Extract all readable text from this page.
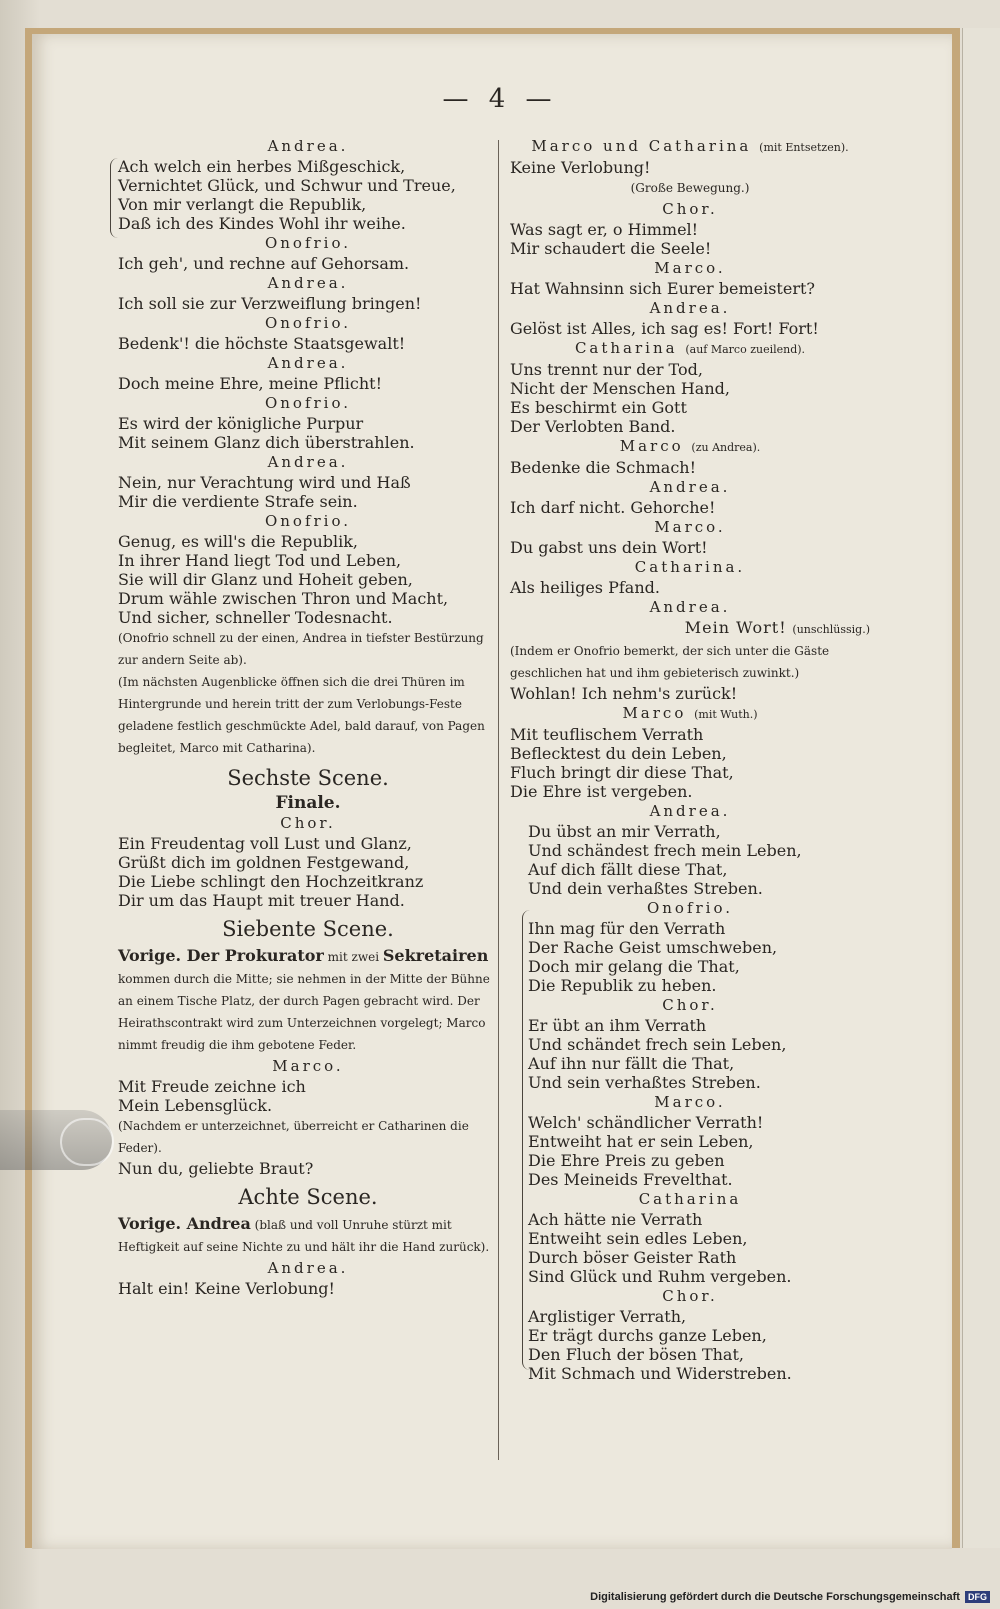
— 4 —
Andrea.
Ach welch ein herbes Mißgeschick,
Vernichtet Glück, und Schwur und Treue,
Von mir verlangt die Republik,
Daß ich des Kindes Wohl ihr weihe.
Onofrio.
Ich geh', und rechne auf Gehorsam.
Andrea.
Ich soll sie zur Verzweiflung bringen!
Onofrio.
Bedenk'! die höchste Staatsgewalt!
Andrea.
Doch meine Ehre, meine Pflicht!
Onofrio.
Es wird der königliche Purpur
Mit seinem Glanz dich überstrahlen.
Andrea.
Nein, nur Verachtung wird und Haß
Mir die verdiente Strafe sein.
Onofrio.
Genug, es will's die Republik,
In ihrer Hand liegt Tod und Leben,
Sie will dir Glanz und Hoheit geben,
Drum wähle zwischen Thron und Macht,
Und sicher, schneller Todesnacht.
(Onofrio schnell zu der einen, Andrea in tiefster Bestürzung zur andern Seite ab).
(Im nächsten Augenblicke öffnen sich die drei Thüren im Hintergrunde und herein tritt der zum Verlobungs-Feste geladene festlich geschmückte Adel, bald darauf, von Pagen begleitet, Marco mit Catharina).
Sechste Scene.
Finale.
Chor.
Ein Freudentag voll Lust und Glanz,
Grüßt dich im goldnen Festgewand,
Die Liebe schlingt den Hochzeitkranz
Dir um das Haupt mit treuer Hand.
Siebente Scene.
Vorige. Der Prokurator mit zwei Sekretairen kommen durch die Mitte; sie nehmen in der Mitte der Bühne an einem Tische Platz, der durch Pagen gebracht wird. Der Heirathscontrakt wird zum Unterzeichnen vorgelegt; Marco nimmt freudig die ihm gebotene Feder.
Marco.
Mit Freude zeichne ich
Mein Lebensglück.
(Nachdem er unterzeichnet, überreicht er Catharinen die Feder).
Nun du, geliebte Braut?
Achte Scene.
Vorige. Andrea (blaß und voll Unruhe stürzt mit Heftigkeit auf seine Nichte zu und hält ihr die Hand zurück).
Andrea.
Halt ein! Keine Verlobung!
Marco und Catharina (mit Entsetzen).
Keine Verlobung!
(Große Bewegung.)
Chor.
Was sagt er, o Himmel!
Mir schaudert die Seele!
Marco.
Hat Wahnsinn sich Eurer bemeistert?
Andrea.
Gelöst ist Alles, ich sag es! Fort! Fort!
Catharina (auf Marco zueilend).
Uns trennt nur der Tod,
Nicht der Menschen Hand,
Es beschirmt ein Gott
Der Verlobten Band.
Marco (zu Andrea).
Bedenke die Schmach!
Andrea.
Ich darf nicht. Gehorche!
Marco.
Du gabst uns dein Wort!
Catharina.
Als heiliges Pfand.
Andrea.
Mein Wort! (unschlüssig.)
(Indem er Onofrio bemerkt, der sich unter die Gäste geschlichen hat und ihm gebieterisch zuwinkt.)
Wohlan! Ich nehm's zurück!
Marco (mit Wuth.)
Mit teuflischem Verrath
Beflecktest du dein Leben,
Fluch bringt dir diese That,
Die Ehre ist vergeben.
Andrea.
Du übst an mir Verrath,
Und schändest frech mein Leben,
Auf dich fällt diese That,
Und dein verhaßtes Streben.
Onofrio.
Ihn mag für den Verrath
Der Rache Geist umschweben,
Doch mir gelang die That,
Die Republik zu heben.
Chor.
Er übt an ihm Verrath
Und schändet frech sein Leben,
Auf ihn nur fällt die That,
Und sein verhaßtes Streben.
Marco.
Welch' schändlicher Verrath!
Entweiht hat er sein Leben,
Die Ehre Preis zu geben
Des Meineids Frevelthat.
Catharina
Ach hätte nie Verrath
Entweiht sein edles Leben,
Durch böser Geister Rath
Sind Glück und Ruhm vergeben.
Chor.
Arglistiger Verrath,
Er trägt durchs ganze Leben,
Den Fluch der bösen That,
Mit Schmach und Widerstreben.
Digitalisierung gefördert durch die Deutsche Forschungsgemeinschaft DFG
